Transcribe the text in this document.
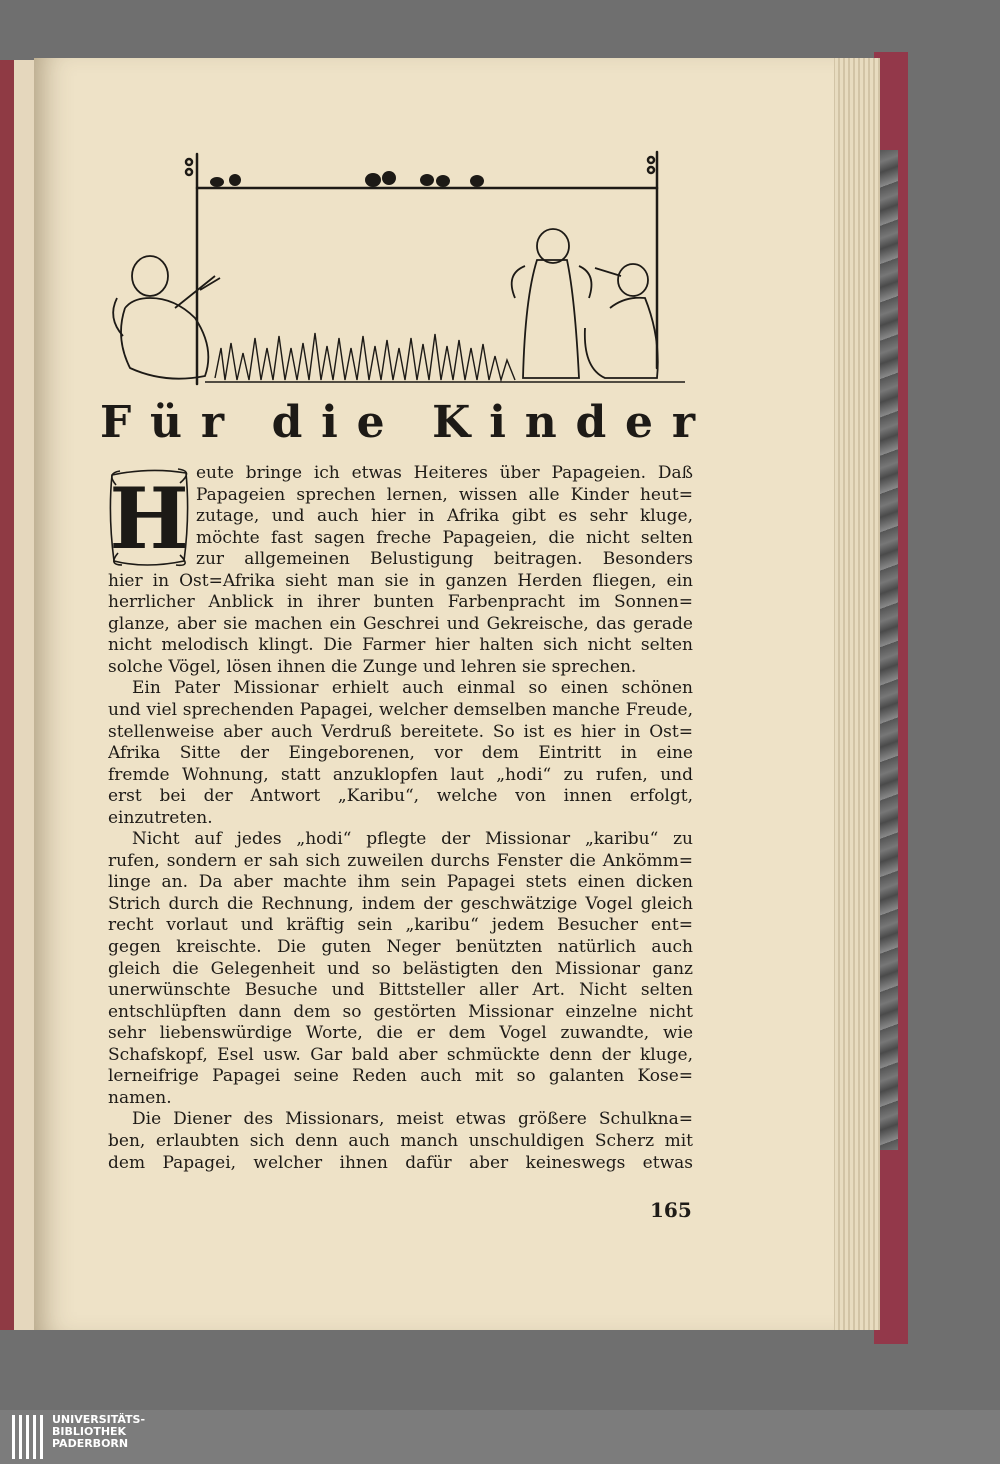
F ü r d i e K i n d e r
H eute bringe ich etwas Heiteres über Papageien. Daß
Papageien sprechen lernen, wissen alle Kinder heut=
zutage, und auch hier in Afrika gibt es sehr kluge,
möchte fast sagen freche Papageien, die nicht selten
zur allgemeinen Belustigung beitragen. Besonders
hier in Ost=Afrika sieht man sie in ganzen Herden fliegen, ein
herrlicher Anblick in ihrer bunten Farbenpracht im Sonnen=
glanze, aber sie machen ein Geschrei und Gekreische, das gerade
nicht melodisch klingt. Die Farmer hier halten sich nicht selten
solche Vögel, lösen ihnen die Zunge und lehren sie sprechen.
Ein Pater Missionar erhielt auch einmal so einen schönen
und viel sprechenden Papagei, welcher demselben manche Freude,
stellenweise aber auch Verdruß bereitete. So ist es hier in Ost=
Afrika Sitte der Eingeborenen, vor dem Eintritt in eine
fremde Wohnung, statt anzuklopfen laut „hodi“ zu rufen, und
erst bei der Antwort „Karibu“, welche von innen erfolgt,
einzutreten.
Nicht auf jedes „hodi“ pflegte der Missionar „karibu“ zu
rufen, sondern er sah sich zuweilen durchs Fenster die Ankömm=
linge an. Da aber machte ihm sein Papagei stets einen dicken
Strich durch die Rechnung, indem der geschwätzige Vogel gleich
recht vorlaut und kräftig sein „karibu“ jedem Besucher ent=
gegen kreischte. Die guten Neger benützten natürlich auch
gleich die Gelegenheit und so belästigten den Missionar ganz
unerwünschte Besuche und Bittsteller aller Art. Nicht selten
entschlüpften dann dem so gestörten Missionar einzelne nicht
sehr liebenswürdige Worte, die er dem Vogel zuwandte, wie
Schafskopf, Esel usw. Gar bald aber schmückte denn der kluge,
lerneifrige Papagei seine Reden auch mit so galanten Kose=
namen.
Die Diener des Missionars, meist etwas größere Schulkna=
ben, erlaubten sich denn auch manch unschuldigen Scherz mit
dem Papagei, welcher ihnen dafür aber keineswegs etwas
165
UNIVERSITÄTS-
BIBLIOTHEK
PADERBORN
